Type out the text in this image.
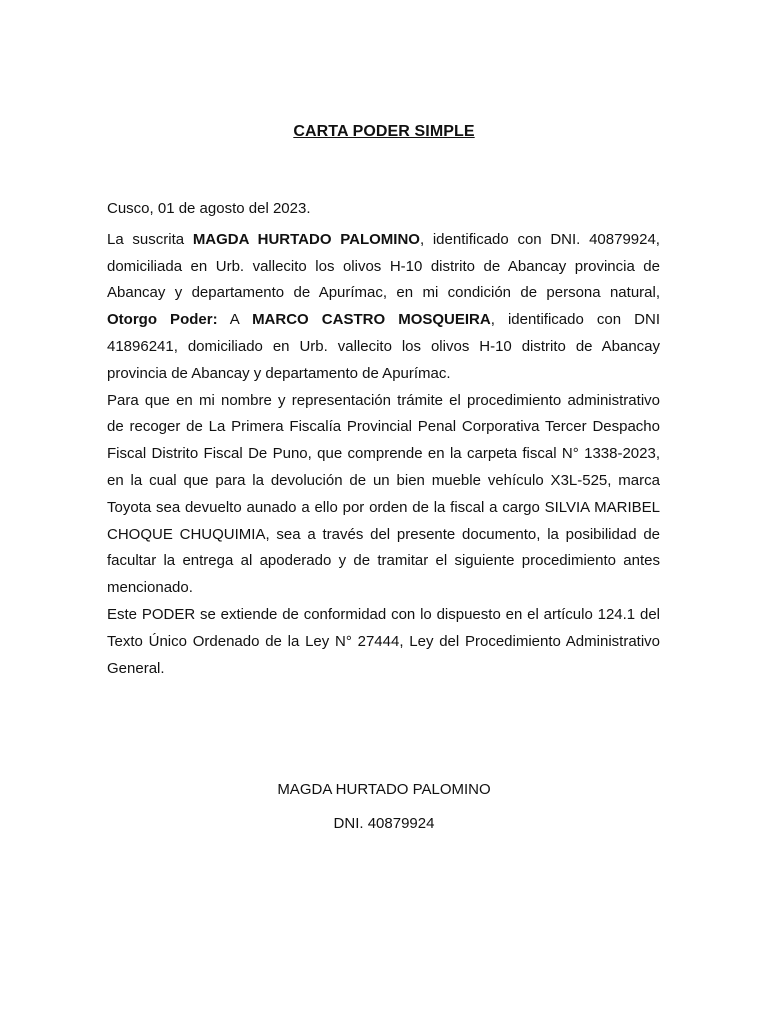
CARTA PODER SIMPLE

Cusco, 01 de agosto del 2023.

La suscrita MAGDA HURTADO PALOMINO, identificado con DNI. 40879924, domiciliada en Urb. vallecito los olivos H-10 distrito de Abancay provincia de Abancay y departamento de Apurímac, en mi condición de persona natural, Otorgo Poder: A MARCO CASTRO MOSQUEIRA, identificado con DNI 41896241, domiciliado en Urb. vallecito los olivos H-10 distrito de Abancay provincia de Abancay y departamento de Apurímac.

Para que en mi nombre y representación trámite el procedimiento administrativo de recoger de La Primera Fiscalía Provincial Penal Corporativa Tercer Despacho Fiscal Distrito Fiscal De Puno, que comprende en la carpeta fiscal N° 1338-2023, en la cual que para la devolución de un bien mueble vehículo X3L-525, marca Toyota sea devuelto aunado a ello por orden de la fiscal a cargo SILVIA MARIBEL CHOQUE CHUQUIMIA, sea a través del presente documento, la posibilidad de facultar la entrega al apoderado y de tramitar el siguiente procedimiento antes mencionado.

Este PODER se extiende de conformidad con lo dispuesto en el artículo 124.1 del Texto Único Ordenado de la Ley N° 27444, Ley del Procedimiento Administrativo General.

MAGDA HURTADO PALOMINO
DNI. 40879924
